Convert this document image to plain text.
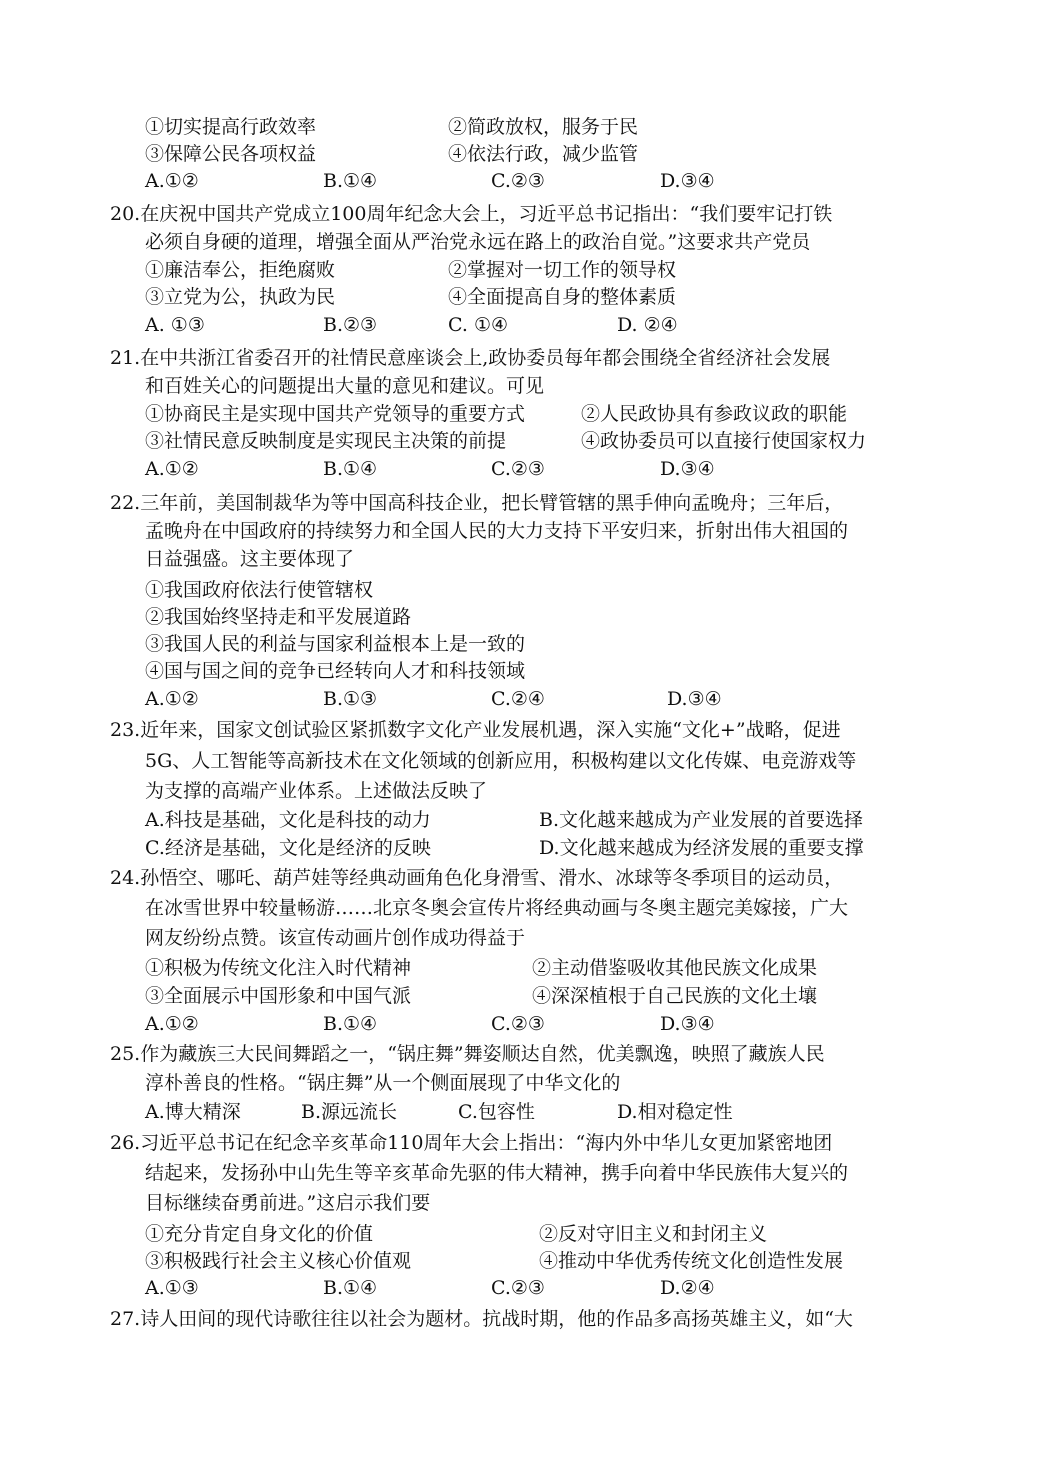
①切实提高行政效率	②简政放权，服务于民
③保障公民各项权益	④依法行政，减少监管
A.①②	B.①④	C.②③	D.③④
20.在庆祝中国共产党成立100周年纪念大会上，习近平总书记指出：“我们要牢记打铁
必须自身硬的道理，增强全面从严治党永远在路上的政治自觉。”这要求共产党员
①廉洁奉公，拒绝腐败	②掌握对一切工作的领导权
③立党为公，执政为民	④全面提高自身的整体素质
A. ①③	B.②③	C. ①④	D. ②④
21.在中共浙江省委召开的社情民意座谈会上,政协委员每年都会围绕全省经济社会发展
和百姓关心的问题提出大量的意见和建议。可见
①协商民主是实现中国共产党领导的重要方式	②人民政协具有参政议政的职能
③社情民意反映制度是实现民主决策的前提	④政协委员可以直接行使国家权力
A.①②	B.①④	C.②③	D.③④
22.三年前，美国制裁华为等中国高科技企业，把长臂管辖的黑手伸向孟晚舟；三年后，
孟晚舟在中国政府的持续努力和全国人民的大力支持下平安归来，折射出伟大祖国的
日益强盛。这主要体现了
①我国政府依法行使管辖权
②我国始终坚持走和平发展道路
③我国人民的利益与国家利益根本上是一致的
④国与国之间的竞争已经转向人才和科技领域
A.①②	B.①③	C.②④	D.③④
23.近年来，国家文创试验区紧抓数字文化产业发展机遇，深入实施“文化+”战略，促进
5G、人工智能等高新技术在文化领域的创新应用，积极构建以文化传媒、电竞游戏等
为支撑的高端产业体系。上述做法反映了
A.科技是基础，文化是科技的动力	B.文化越来越成为产业发展的首要选择
C.经济是基础，文化是经济的反映	D.文化越来越成为经济发展的重要支撑
24.孙悟空、哪吒、葫芦娃等经典动画角色化身滑雪、滑水、冰球等冬季项目的运动员，
在冰雪世界中较量畅游……北京冬奥会宣传片将经典动画与冬奥主题完美嫁接，广大
网友纷纷点赞。该宣传动画片创作成功得益于
①积极为传统文化注入时代精神	②主动借鉴吸收其他民族文化成果
③全面展示中国形象和中国气派	④深深植根于自己民族的文化土壤
A.①②	B.①④	C.②③	D.③④
25.作为藏族三大民间舞蹈之一，“锅庄舞”舞姿顺达自然，优美飘逸，映照了藏族人民
淳朴善良的性格。“锅庄舞”从一个侧面展现了中华文化的
A.博大精深	B.源远流长	C.包容性	D.相对稳定性
26.习近平总书记在纪念辛亥革命110周年大会上指出：“海内外中华儿女更加紧密地团
结起来，发扬孙中山先生等辛亥革命先驱的伟大精神，携手向着中华民族伟大复兴的
目标继续奋勇前进。”这启示我们要
①充分肯定自身文化的价值	②反对守旧主义和封闭主义
③积极践行社会主义核心价值观	④推动中华优秀传统文化创造性发展
A.①③	B.①④	C.②③	D.②④
27.诗人田间的现代诗歌往往以社会为题材。抗战时期，他的作品多高扬英雄主义，如“大
